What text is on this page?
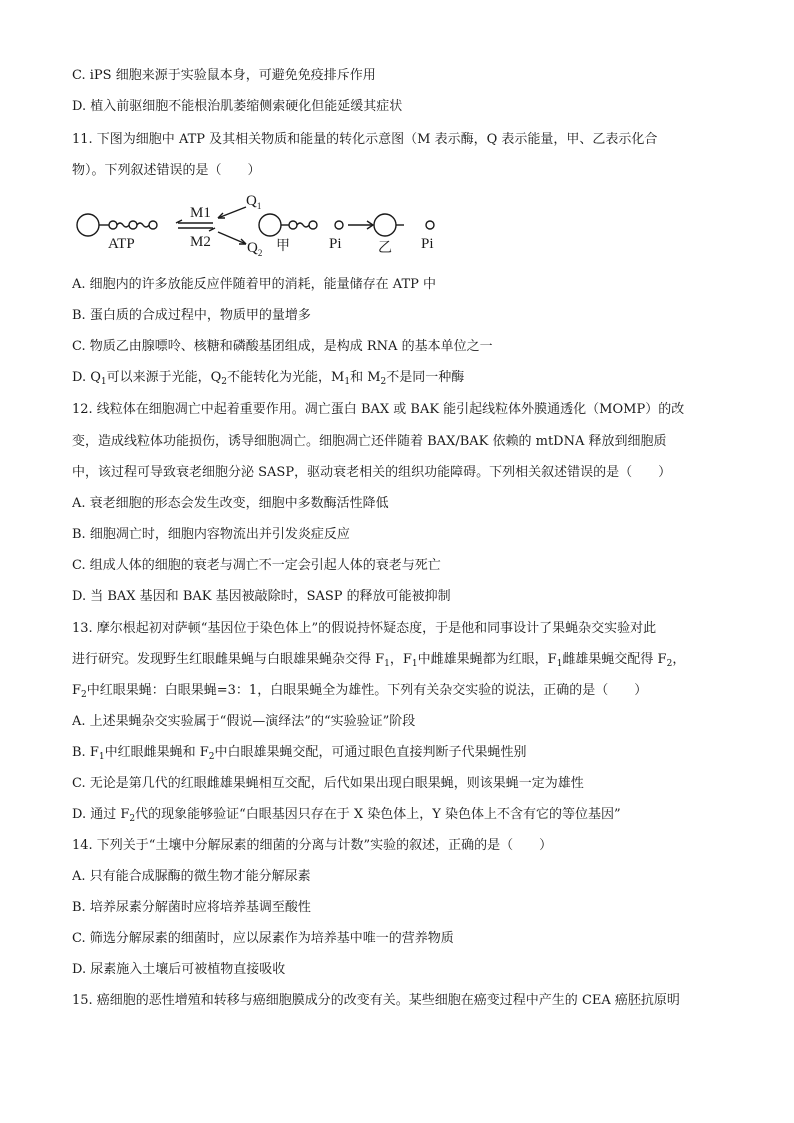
C. iPS 细胞来源于实验鼠本身，可避免免疫排斥作用
D. 植入前驱细胞不能根治肌萎缩侧索硬化但能延缓其症状
11. 下图为细胞中 ATP 及其相关物质和能量的转化示意图（M 表示酶，Q 表示能量，甲、乙表示化合
物）。下列叙述错误的是（　　）
ATP
M1
M2
$Q_1$
$Q_2$ 甲	Pi	乙 Pi
A. 细胞内的许多放能反应伴随着甲的消耗，能量储存在 ATP 中
B. 蛋白质的合成过程中，物质甲的量增多
C. 物质乙由腺嘌呤、核糖和磷酸基团组成，是构成 RNA 的基本单位之一
D. $Q_1$可以来源于光能，$Q_2$不能转化为光能，$M_1$和 $M_2$不是同一种酶
12. 线粒体在细胞凋亡中起着重要作用。凋亡蛋白 BAX 或 BAK 能引起线粒体外膜通透化（MOMP）的改
变，造成线粒体功能损伤，诱导细胞凋亡。细胞凋亡还伴随着 BAX/BAK 依赖的 mtDNA 释放到细胞质
中，该过程可导致衰老细胞分泌 SASP，驱动衰老相关的组织功能障碍。下列相关叙述错误的是（　　）
A. 衰老细胞的形态会发生改变，细胞中多数酶活性降低
B. 细胞凋亡时，细胞内容物流出并引发炎症反应
C. 组成人体的细胞的衰老与凋亡不一定会引起人体的衰老与死亡
D. 当 BAX 基因和 BAK 基因被敲除时，SASP 的释放可能被抑制
13. 摩尔根起初对萨顿“基因位于染色体上”的假说持怀疑态度，于是他和同事设计了果蝇杂交实验对此
进行研究。发现野生红眼雌果蝇与白眼雄果蝇杂交得 $F_1$，$F_1$中雌雄果蝇都为红眼，$F_1$雌雄果蝇交配得 $F_2$，
$F_2$中红眼果蝇：白眼果蝇=3：1，白眼果蝇全为雄性。下列有关杂交实验的说法，正确的是（　　）
A. 上述果蝇杂交实验属于“假说—演绎法”的“实验验证”阶段
B. $F_1$中红眼雌果蝇和 $F_2$中白眼雄果蝇交配，可通过眼色直接判断子代果蝇性别
C. 无论是第几代的红眼雌雄果蝇相互交配，后代如果出现白眼果蝇，则该果蝇一定为雄性
D. 通过 $F_2$代的现象能够验证“白眼基因只存在于 X 染色体上，Y 染色体上不含有它的等位基因”
14. 下列关于“土壤中分解尿素的细菌的分离与计数”实验的叙述，正确的是（　　）
A. 只有能合成脲酶的微生物才能分解尿素
B. 培养尿素分解菌时应将培养基调至酸性
C. 筛选分解尿素的细菌时，应以尿素作为培养基中唯一的营养物质
D. 尿素施入土壤后可被植物直接吸收
15. 癌细胞的恶性增殖和转移与癌细胞膜成分的改变有关。某些细胞在癌变过程中产生的 CEA 癌胚抗原明
